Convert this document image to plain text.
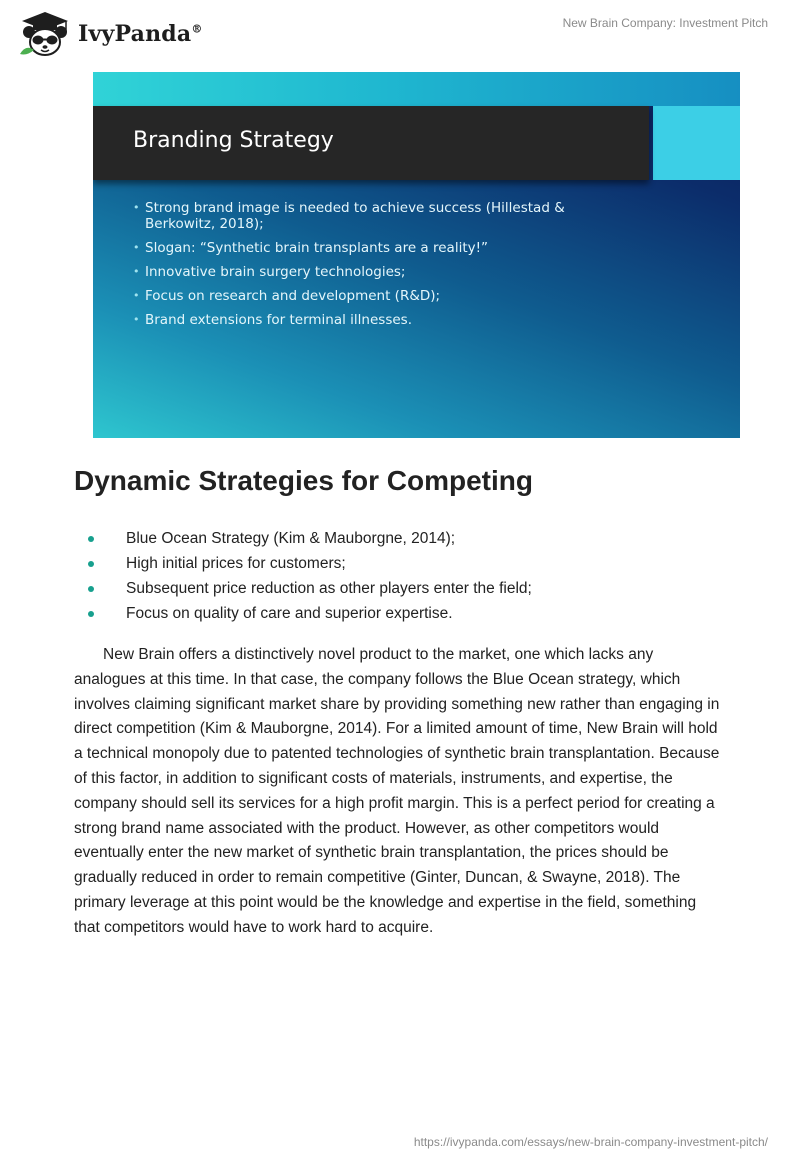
IvyPanda®	New Brain Company: Investment Pitch
Branding Strategy
• Strong brand image is needed to achieve success (Hillestad & Berkowitz, 2018);
• Slogan: “Synthetic brain transplants are a reality!”
• Innovative brain surgery technologies;
• Focus on research and development (R&D);
• Brand extensions for terminal illnesses.
Dynamic Strategies for Competing
Blue Ocean Strategy (Kim & Mauborgne, 2014);
High initial prices for customers;
Subsequent price reduction as other players enter the field;
Focus on quality of care and superior expertise.

New Brain offers a distinctively novel product to the market, one which lacks any analogues at this time. In that case, the company follows the Blue Ocean strategy, which involves claiming significant market share by providing something new rather than engaging in direct competition (Kim & Mauborgne, 2014). For a limited amount of time, New Brain will hold a technical monopoly due to patented technologies of synthetic brain transplantation. Because of this factor, in addition to significant costs of materials, instruments, and expertise, the company should sell its services for a high profit margin. This is a perfect period for creating a strong brand name associated with the product. However, as other competitors would eventually enter the new market of synthetic brain transplantation, the prices should be gradually reduced in order to remain competitive (Ginter, Duncan, & Swayne, 2018). The primary leverage at this point would be the knowledge and expertise in the field, something that competitors would have to work hard to acquire.

https://ivypanda.com/essays/new-brain-company-investment-pitch/
